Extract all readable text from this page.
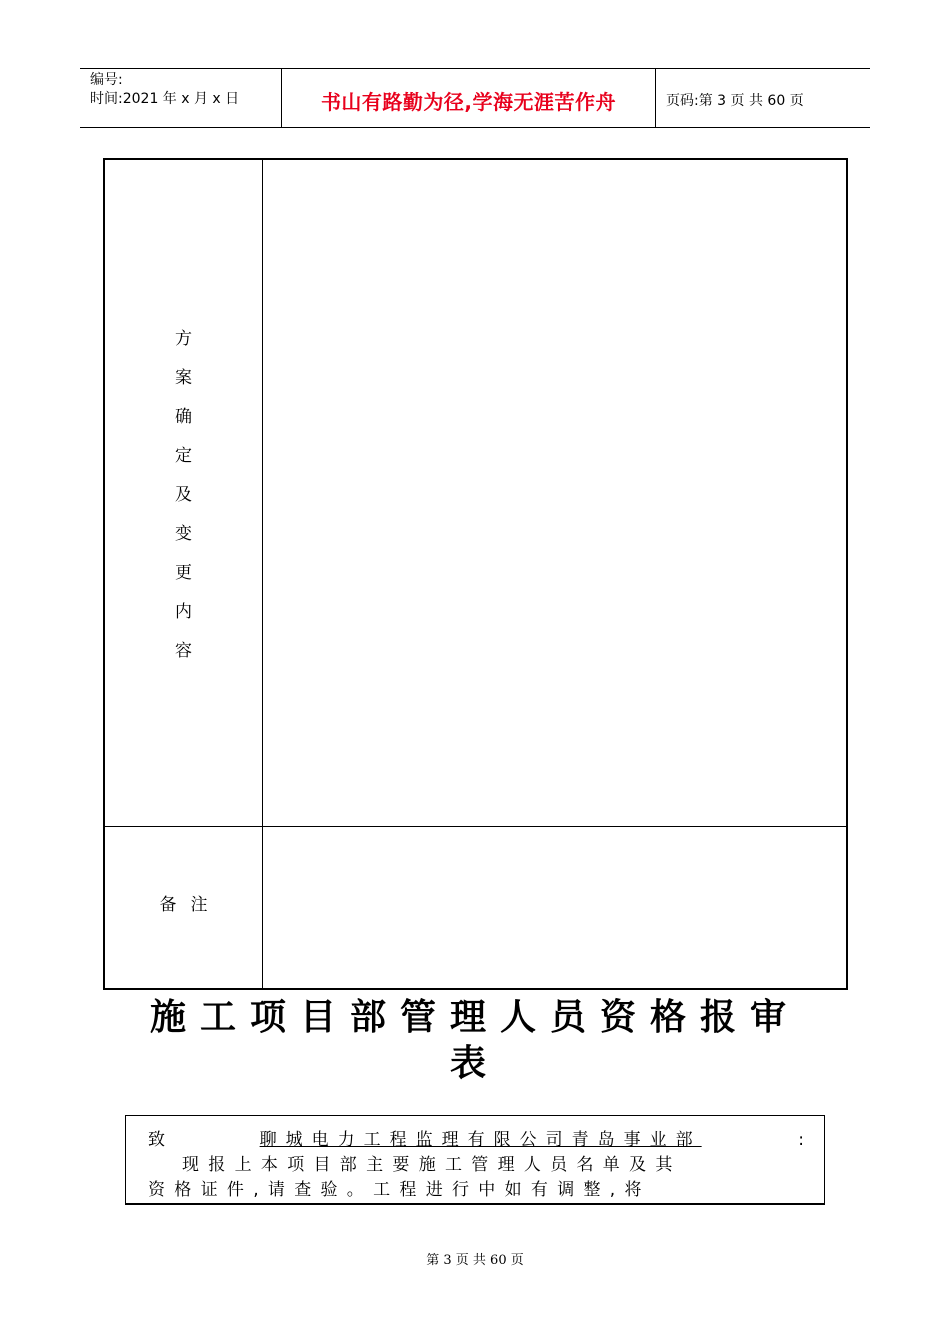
编号:
时间:2021 年 x 月 x 日	书山有路勤为径,学海无涯苦作舟	页码:第 3 页 共 60 页
方
案
确
定
及
变
更
内
容
备注
施工项目部管理人员资格报审
表
致	聊城电力工程监理有限公司青岛事业部	:
现报上本项目部主要施工管理人员名单及其
资格证件,请查验。工程进行中如有调整,将
第 3 页 共 60 页
